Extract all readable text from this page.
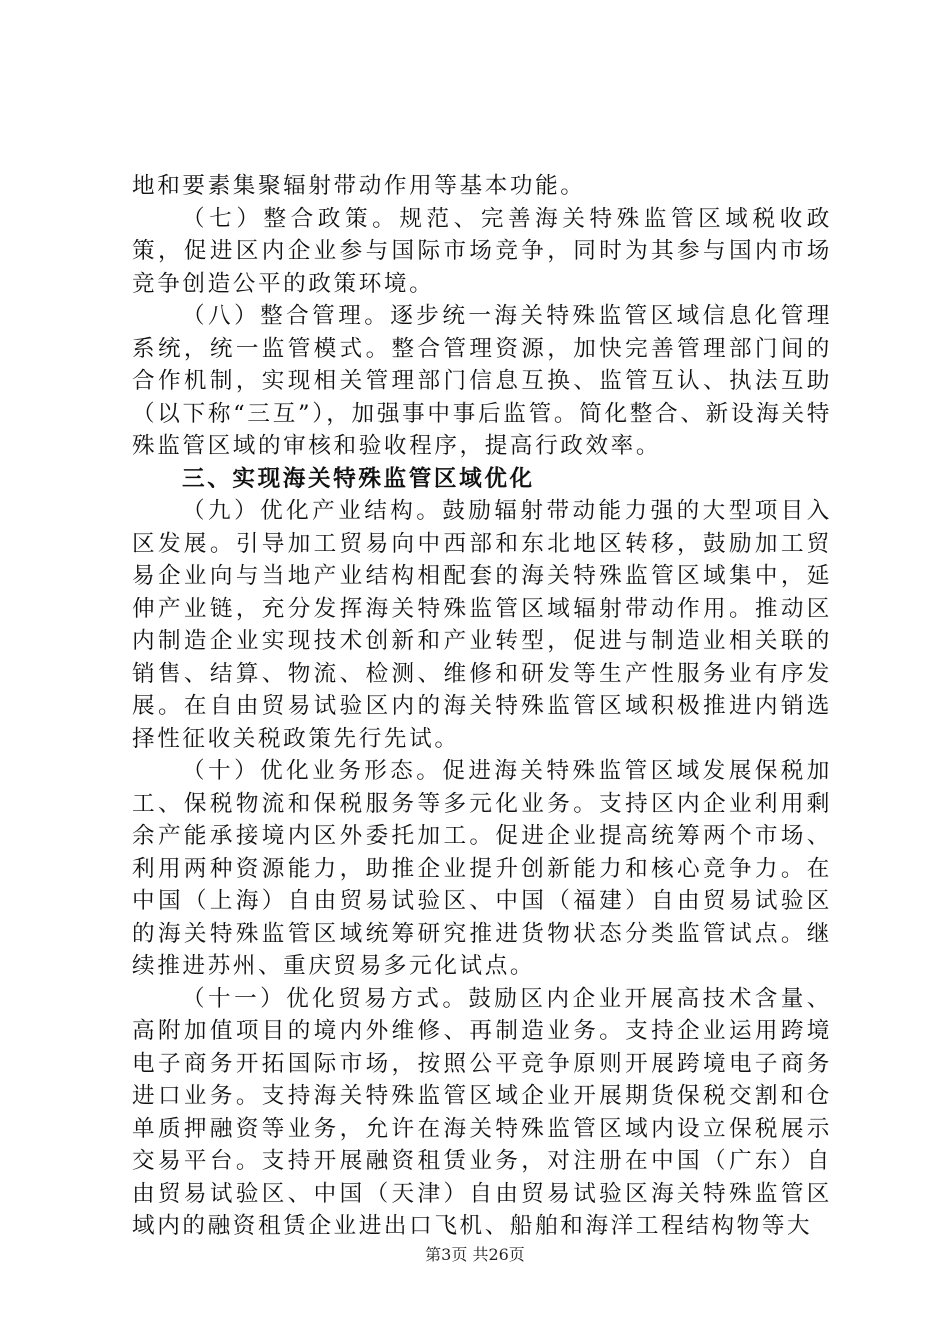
地和要素集聚辐射带动作用等基本功能。

（七）整合政策。规范、完善海关特殊监管区域税收政策，促进区内企业参与国际市场竞争，同时为其参与国内市场竞争创造公平的政策环境。

（八）整合管理。逐步统一海关特殊监管区域信息化管理系统，统一监管模式。整合管理资源，加快完善管理部门间的合作机制，实现相关管理部门信息互换、监管互认、执法互助（以下称“三互”），加强事中事后监管。简化整合、新设海关特殊监管区域的审核和验收程序，提高行政效率。

三、实现海关特殊监管区域优化

（九）优化产业结构。鼓励辐射带动能力强的大型项目入区发展。引导加工贸易向中西部和东北地区转移，鼓励加工贸易企业向与当地产业结构相配套的海关特殊监管区域集中，延伸产业链，充分发挥海关特殊监管区域辐射带动作用。推动区内制造企业实现技术创新和产业转型，促进与制造业相关联的销售、结算、物流、检测、维修和研发等生产性服务业有序发展。在自由贸易试验区内的海关特殊监管区域积极推进内销选择性征收关税政策先行先试。

（十）优化业务形态。促进海关特殊监管区域发展保税加工、保税物流和保税服务等多元化业务。支持区内企业利用剩余产能承接境内区外委托加工。促进企业提高统筹两个市场、利用两种资源能力，助推企业提升创新能力和核心竞争力。在中国（上海）自由贸易试验区、中国（福建）自由贸易试验区的海关特殊监管区域统筹研究推进货物状态分类监管试点。继续推进苏州、重庆贸易多元化试点。

（十一）优化贸易方式。鼓励区内企业开展高技术含量、高附加值项目的境内外维修、再制造业务。支持企业运用跨境电子商务开拓国际市场，按照公平竞争原则开展跨境电子商务进口业务。支持海关特殊监管区域企业开展期货保税交割和仓单质押融资等业务，允许在海关特殊监管区域内设立保税展示交易平台。支持开展融资租赁业务，对注册在中国（广东）自由贸易试验区、中国（天津）自由贸易试验区海关特殊监管区域内的融资租赁企业进出口飞机、船舶和海洋工程结构物等大

第3页 共26页
